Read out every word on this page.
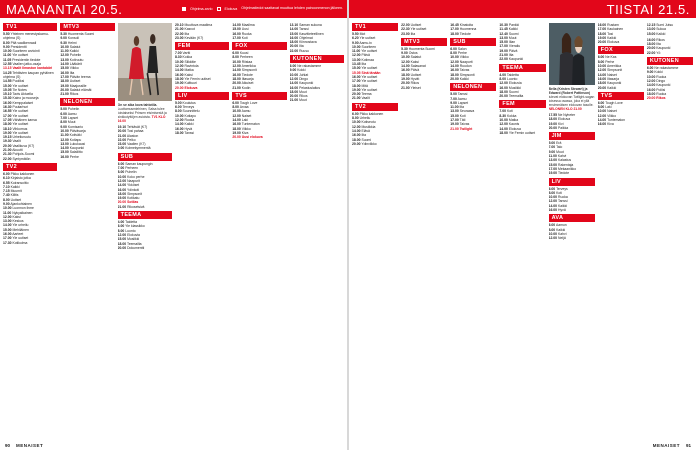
MAANANTAI 20.5.	Ohjelma-arvio	Elokuva Ohjelmatiedot saattavat muuttua lehden painoonmenon jälkeen.
TV1
5.50 Yhteinen menestyskamu-ohjelma (S)
8.00 Pitä vaalikenraali
9.00 Presidentti
10.00 Suoriteen arviointi
11.00 Yle uutiset
11.05 Presidentin tiedote
12.55 Vaalien jatko-osaja
13.15 Vaalit Ilmaston kantabäri
14.25 Tehtävien kaupan pyhäinen ohjelma (S)
14.55 Puoliksi
15.00 Yle uutiset
15.05 Tie Notes
15.10 Tavis Aktuella
15.30 Kaino ja mooseja
16.00 Kemppalaiset
16.30 Puutarhuri
16.55 Yle uutiset
17.00 Yle uutiset
17.05 Vähäinen kansa
18.00 Yle uutiset
18.10 Vihkomus
19.00 Yle uutiset
19.15 Urheiluruutu
19.30 Vaalit
20.00 Vaalikuva (K7)
21.00 Akuutti
21.30 Pohjois-Suomi
22.00 Syntymätön
TV2
6.00 Pikku kakkonen
6.10 Kirjaisto jotka
6.55 Koiransoitto
7.10 Kaikki
7.15 Muumit
7.40 Kiiltis
8.00 Uutiset
9.00 Ajankohtainen
10.00 Luonnon ihme
11.00 Nykyaikainen
12.00 Kaksi
13.00 Keskus
14.00 Yle urheilu
15.00 Mehiläinen
16.00 Aarteet
17.00 Yle uutiset
17.30 Kotikulma
MTV3
5.30 Huomenta Suomi
9.00 Konsoli
9.30 Helmi
10.00 Salatut
11.00 Kaikki
12.00 Puhelin
13.00 Kotiruutu
14.00 Lääkärit
15.00 Viikko
16.00 Ilta
17.00 Päivän teema
18.00 Uutiset
19.00 Maajussille
20.00 Salatut elämät
21.00 Rikos
NELONEN
5.00 Puhelin
6.00 Aamu
7.00 Lapset
8.00 Muut
9.00 Komisario
10.00 Päiväsarja
11.00 Kotiväki
12.00 Kotiapu
13.00 Lukukausi
14.00 Kaupunki
15.00 Salaliitto
16.00 Perhe
On se aika kova tahtotila. Luottamusmiehinen, Salsa tulee toistaiseksi Prinsen etsimisestä ja sinkkutyttöjen asioista. TV1 KLO 16.00
19.10 Tehtävät (K7)
20.00 Tosi pahaa
21.00 Alaston
22.00 Pelko
23.00 Vaalien (K7)
0.00 Kolmekymmentä
SUB
6.00 Saman kaupungin
7.00 Perheen
8.00 Puhelin
10.00 Koko perhe
12.00 Naapurit
14.00 Ykköset
16.00 Ydinkoti
18.00 Simpsonit
19.00 Kotikatu
20.00 Sotilas
21.00 Rikosetsivä
TEEMA
4.00 Taidetta
6.00 Yle klassikko
8.00 Luonto
12.00 Elokuvia
15.00 Musiikki
18.00 Teemailta
20.00 Dokumentti
20.10 Muuttuva maailma
21.00 Kasvot
22.00 Ilta
23.00 Kevään (K7)
FEM
7.00 Vartti
8.30 Kokka
10.00 Silkkitie
12.00 Ravintola
14.00 Matka
16.00 Kaksi
18.00 Yle Femin uutiset
19.00 Kulttuuri
20.00 Elokuva
LIV
5.00 Koulutus
6.00 Terveys
8.00 Suunnittelu
10.00 Kotiapu
12.00 Ruoka
14.00 Kaikki
16.00 Hyvä
18.00 Tanssi
14.00 Maailma
15.00 Uusi
16.00 Ruoka
17.00 Koti
FOX
6.00 Kuusi
8.00 Perheen
10.00 Riistaa
12.00 Amerikka
14.00 Simpsonit
16.00 Tiedote
18.00 Iltasarja
20.00 Aikuiset
21.00 Kodin
TVS
6.00 Tough Love
8.00 Arvaa
10.00 Aamu
12.00 Naiset
14.00 Laki
16.00 Tuntematon
18.00 Viikko
19.00 Kiva
20.00 Uusi elokuva
13.10 Saman sukuna
14.00 Tanssi
15.00 Kasvitieteellinen
16.00 Ohjelmat
18.00 Kiinnostava
20.00 Ilta
22.00 Ruusu
KUTONEN
6.00 Ne rakastamme
9.00 Kokki
10.00 Juhlat
12.00 Dingo
14.00 Kaupunki
16.00 Pelastuslaitos
18.00 Muut
20.00 Rikos
21.00 Muut
90 MENAISET
TIISTAI 21.5.
TV1
5.50 Mot
6.20 Yle uutiset
9.00 Aamu-tv
10.00 Suoriteen
11.00 Yle uutiset
12.00 Päivä
13.00 Kotimaa
13.45 Ilta
15.00 Yle uutiset
15.05 Sinä tänään
16.00 Yle uutiset
17.00 Yle uutiset
18.00 Mitä
19.00 Yle uutiset
20.00 Teema
21.00 Vaalit
TV2
6.00 Pikku kakkonen
8.00 Urheilu
10.00 Kotiseutu
12.00 Musiikkia
14.00 Elävä
16.00 Ilta
18.00 Suomi
20.00 Ydinviikko
22.00 Uutiset
22.30 Yle uutiset
23.00 Ilta
MTV3
5.30 Huomenta Suomi
9.00 Ostos
10.00 Salatut
12.00 Kaksi
14.00 Salasanat
16.00 Päivä
18.00 Uutiset
19.00 Hyvät
20.00 Rikos
21.00 Yleiset
16.45 Kinatoita
17.00 Huomenna
18.00 Tiedote
SUB
6.00 Salon
8.00 Perhe
10.00 Viikko
12.00 Naapurit
14.00 Ruudun
16.00 Taivas
18.00 Simpsonit
20.00 Kaikki
NELONEN
5.00 Tanssi
7.00 Aamu
9.00 Lapset
11.00 Ilta
13.00 Seuraava
15.00 Koti
17.00 Täti
19.00 Taivas
21.00 Twilight
10.30 Pankki
11.45 Kaikki
12.40 Suomi
13.00 Muut
15.00 Illan
17.00 Vierailu
19.00 Päivä
21.00 Ilta
22.00 Kaupunki
TEEMA
4.00 Taidetta
8.00 Luonto
12.00 Elokuvia
16.00 Musiikki
18.00 Suomi
20.00 Teemailta
FEM
7.00 Koti
8.30 Kokka
10.00 Matka
12.00 Kaunis
14.00 Elokuva
18.00 Yle Femin uutiset
Bella (Kristen Stewart) ja Edward (Robert Pattinson) tulevat elokuvan Twilight-sagan toisessa osassa, joka ei yllä ensimmäisen elokuvan tasolle. NELONEN KLO 21.00
17.55 Ne Nyheter
18.00 Elokuva
19.00 Kivi
20.00 Paikka
JIM
5.00 Erä
7.00 Talo
9.00 Muut
11.00 Kahvi
13.00 Kalastus
15.00 Rakentaja
17.00 Mekaanikko
19.00 Tiedote
LIV
6.00 Terveys
8.00 Koti
10.00 Ruoka
12.00 Tanssi
14.00 Kaikki
16.00 Hyvä
AVA
6.00 Aamun
8.00 Kaikki
10.00 Kahvi
12.00 Neljä
16.00 Rustam
17.00 Kaukainen
18.00 Tosi
19.00 Kaikki
20.00 Elokuva
FOX
6.00 Ne Kas
8.00 Perhe
10.00 Amerikka
12.00 Simpsonit
14.00 Naiset
16.00 Iltasarja
18.00 Kaupunki
20.00 Kaikki
TVS
6.00 Tough Love
8.00 Laki
10.00 Naiset
12.00 Viikko
14.00 Tuntematon
16.00 Kiva
12.15 Sumi Jutsu
13.00 Sukua
15.00 Kaikki
16.00 Rikos
18.00 Ilta
20.00 Kaupunki
22.00 Yö
KUTONEN
6.00 Ne rakastamme
9.00 Kokki
10.00 Ruoka
12.00 Dingo
14.00 Kaupunki
16.00 Poliisi
18.00 Ruoka
20.00 Rikos
MENAISET 91
